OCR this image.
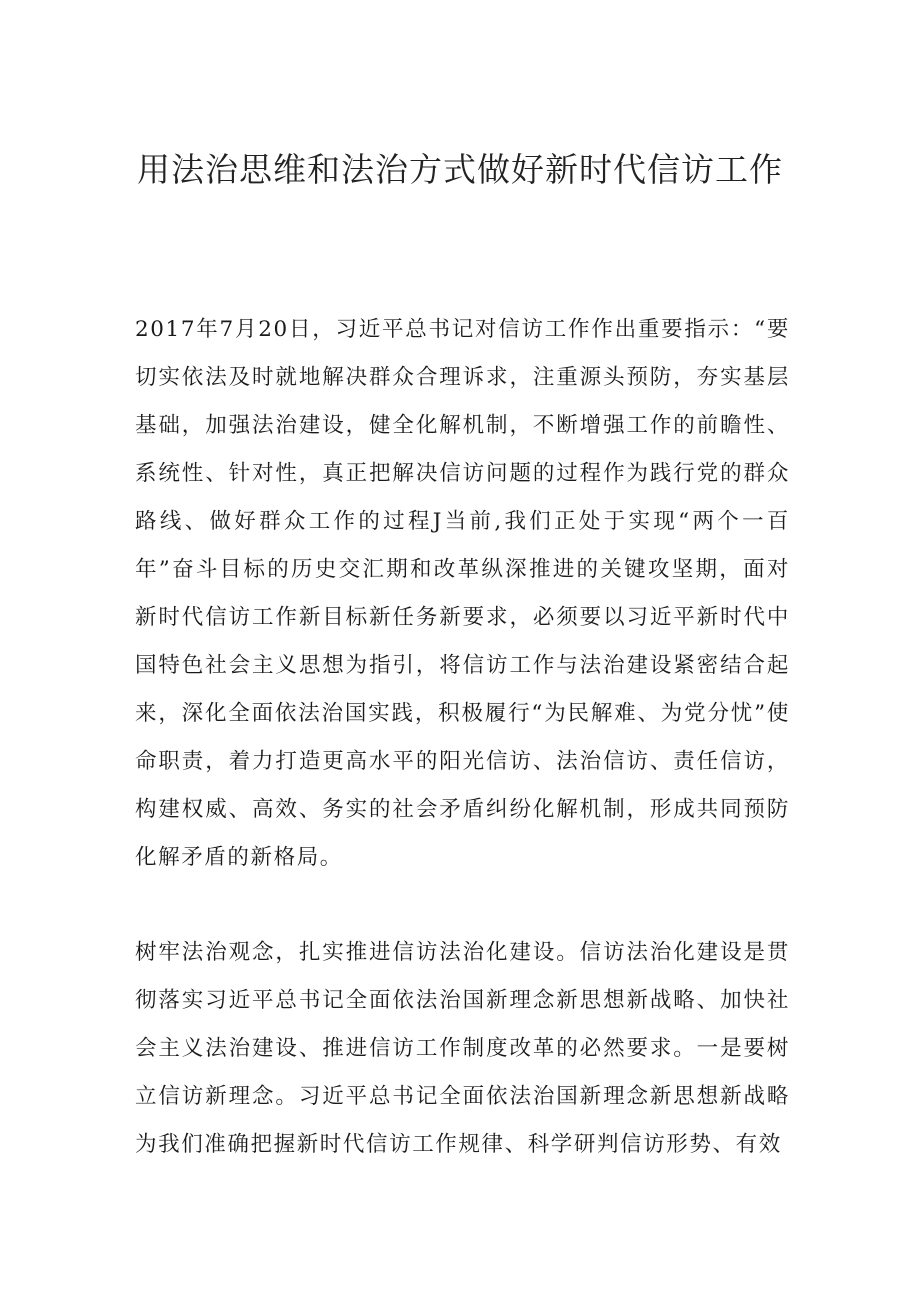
用法治思维和法治方式做好新时代信访工作

2017年7月20日，习近平总书记对信访工作作出重要指示：“要切实依法及时就地解决群众合理诉求，注重源头预防，夯实基层基础，加强法治建设，健全化解机制，不断增强工作的前瞻性、系统性、针对性，真正把解决信访问题的过程作为践行党的群众路线、做好群众工作的过程J当前,我们正处于实现“两个一百年”奋斗目标的历史交汇期和改革纵深推进的关键攻坚期，面对新时代信访工作新目标新任务新要求，必须要以习近平新时代中国特色社会主义思想为指引，将信访工作与法治建设紧密结合起来，深化全面依法治国实践，积极履行“为民解难、为党分忧”使命职责，着力打造更高水平的阳光信访、法治信访、责任信访，构建权威、高效、务实的社会矛盾纠纷化解机制，形成共同预防化解矛盾的新格局。

树牢法治观念，扎实推进信访法治化建设。信访法治化建设是贯彻落实习近平总书记全面依法治国新理念新思想新战略、加快社会主义法治建设、推进信访工作制度改革的必然要求。一是要树立信访新理念。习近平总书记全面依法治国新理念新思想新战略为我们准确把握新时代信访工作规律、科学研判信访形势、有效
